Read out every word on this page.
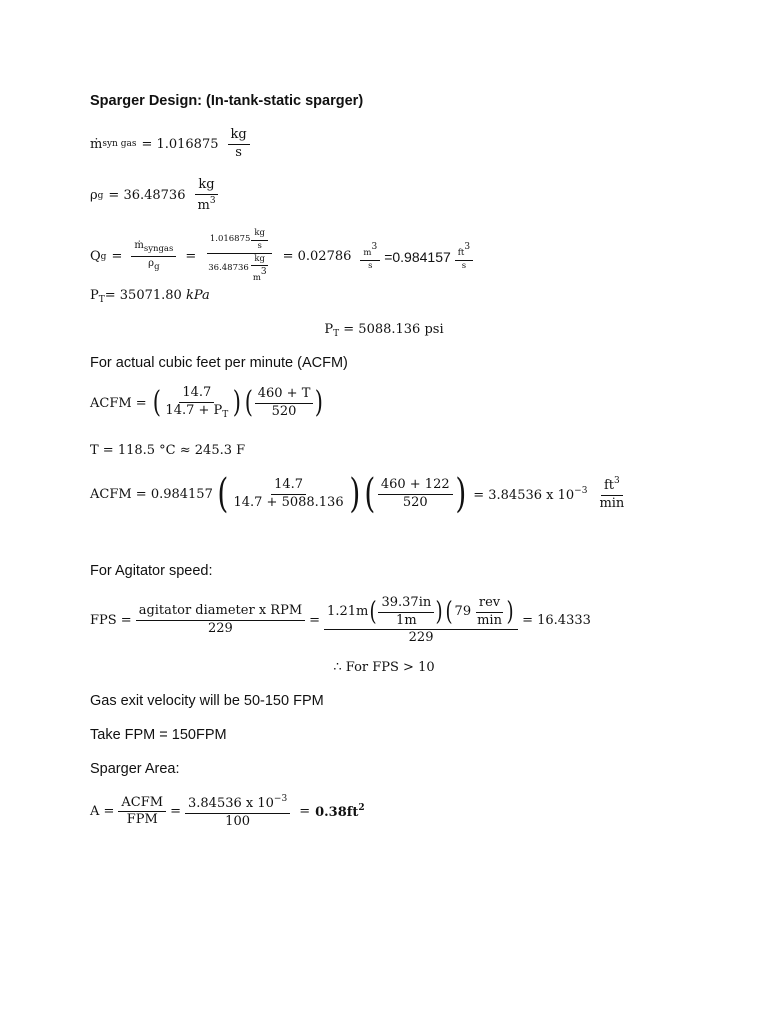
Sparger Design: (In-tank-static sparger)
ṁ syn gas = $1.016875 \frac{kg}{s}$
ρ $g = 36.48736 \frac{kg}{m^3}$
Q $g = \frac{ṁ_{syngas}}{\rho_g} = \frac{1.016875 \frac{kg}{s}}{36.48736 \frac{kg}{m^3}} = 0.02786 \frac{m^3}{s} =0.984157 \frac{ft^3}{s}$
$P_T= 35071.80$ kPa
$P_T = 5088.136$ psi
For actual cubic feet per minute (ACFM)
ACFM = ( $\frac{14.7}{14.7 + P_T}$ ) ( $\frac{460 + T}{520}$ )
T = 118.5 °C ≈ 245.3 F
ACFM = 0.984157 ( $\frac{14.7}{14.7 + 5088.136}$ ) ( $\frac{460 + 122}{520}$ ) = 3.84536 x $10^{-3} \frac{ft^3}{\min}$
For Agitator speed:
FPS = $\frac{\text{agitator diameter x RPM}}{229}$ =
1.21m ( $\frac{39.37in}{1m}$ ) ( $79 \frac{\text{rev}}{\min}$ )
229
= 16.4333
∴ For FPS > 10
Gas exit velocity will be 50-150 FPM
Take FPM = 150FPM
Sparger Area:
$A = \frac{\text{ACFM}}{\text{FPM}} = \frac{3.84536 x 10^{-3}}{100} = 0.38ft^2$
